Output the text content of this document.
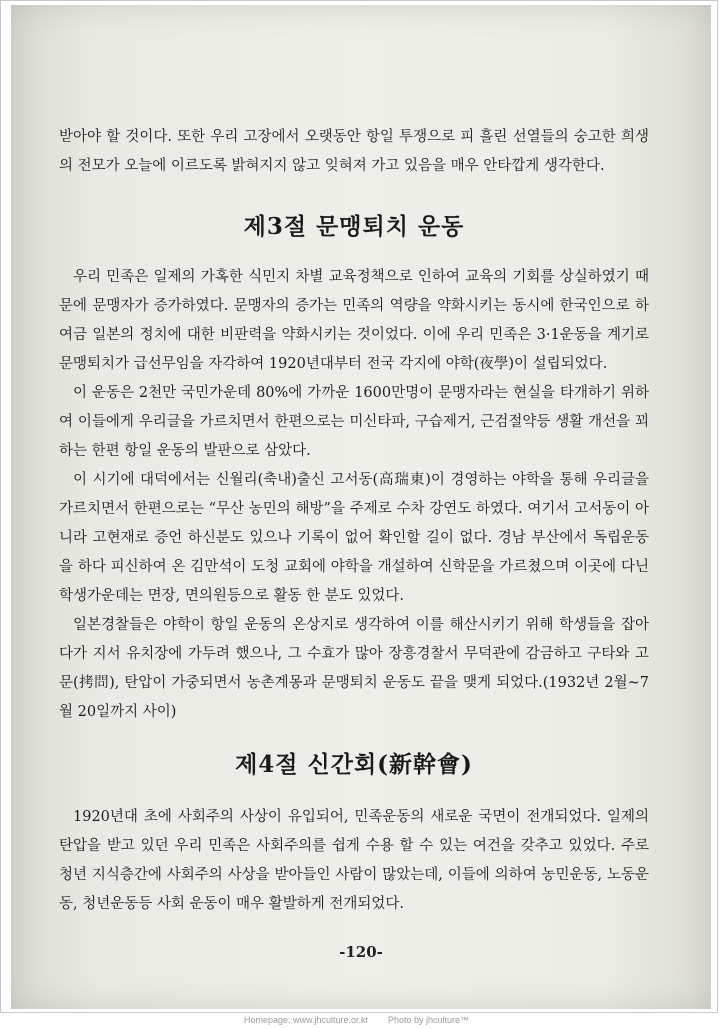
받아야 할 것이다. 또한 우리 고장에서 오랫동안 항일 투쟁으로 피 흘린 선열들의 숭고한 희생의 전모가 오늘에 이르도록 밝혀지지 않고 잊혀져 가고 있음을 매우 안타깝게 생각한다.

제3절 문맹퇴치 운동

우리 민족은 일제의 가혹한 식민지 차별 교육정책으로 인하여 교육의 기회를 상실하였기 때문에 문맹자가 증가하였다. 문맹자의 증가는 민족의 역량을 약화시키는 동시에 한국인으로 하여금 일본의 정치에 대한 비판력을 약화시키는 것이었다. 이에 우리 민족은 3·1운동을 계기로 문맹퇴치가 급선무임을 자각하여 1920년대부터 전국 각지에 야학(夜學)이 설립되었다.

이 운동은 2천만 국민가운데 80%에 가까운 1600만명이 문맹자라는 현실을 타개하기 위하여 이들에게 우리글을 가르치면서 한편으로는 미신타파, 구습제거, 근검절약등 생활 개선을 꾀하는 한편 항일 운동의 발판으로 삼았다.

이 시기에 대덕에서는 신월리(축내)출신 고서동(高瑞東)이 경영하는 야학을 통해 우리글을 가르치면서 한편으로는 “무산 농민의 해방”을 주제로 수차 강연도 하였다. 여기서 고서동이 아니라 고현재로 증언 하신분도 있으나 기록이 없어 확인할 길이 없다. 경남 부산에서 독립운동을 하다 피신하여 온 김만석이 도청 교회에 야학을 개설하여 신학문을 가르쳤으며 이곳에 다닌 학생가운데는 면장, 면의원등으로 활동 한 분도 있었다.

일본경찰들은 야학이 항일 운동의 온상지로 생각하여 이를 해산시키기 위해 학생들을 잡아다가 지서 유치장에 가두려 했으나, 그 수효가 많아 장흥경찰서 무덕관에 감금하고 구타와 고문(拷問), 탄압이 가중되면서 농촌계몽과 문맹퇴치 운동도 끝을 맺게 되었다.(1932년 2월~7월 20일까지 사이)

제4절 신간회(新幹會)

1920년대 초에 사회주의 사상이 유입되어, 민족운동의 새로운 국면이 전개되었다. 일제의 탄압을 받고 있던 우리 민족은 사회주의를 쉽게 수용 할 수 있는 여건을 갖추고 있었다. 주로 청년 지식층간에 사회주의 사상을 받아들인 사람이 많았는데, 이들에 의하여 농민운동, 노동운동, 청년운동등 사회 운동이 매우 활발하게 전개되었다.

-120-
Homepage: www.jhculture.or.kr Photo by jhculture™
